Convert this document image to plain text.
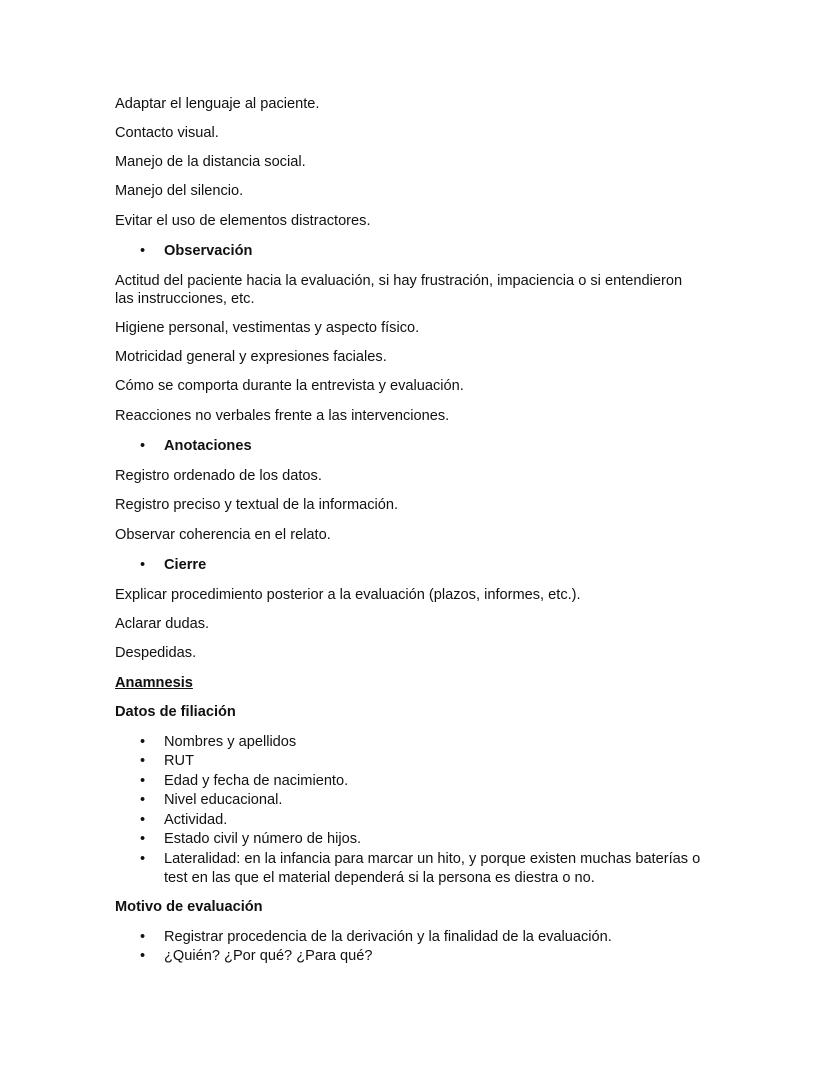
Adaptar el lenguaje al paciente.
Contacto visual.
Manejo de la distancia social.
Manejo del silencio.
Evitar el uso de elementos distractores.
• Observación
Actitud del paciente hacia la evaluación, si hay frustración, impaciencia o si entendieron
las instrucciones, etc.
Higiene personal, vestimentas y aspecto físico.
Motricidad general y expresiones faciales.
Cómo se comporta durante la entrevista y evaluación.
Reacciones no verbales frente a las intervenciones.
• Anotaciones
Registro ordenado de los datos.
Registro preciso y textual de la información.
Observar coherencia en el relato.
• Cierre
Explicar procedimiento posterior a la evaluación (plazos, informes, etc.).
Aclarar dudas.
Despedidas.
Anamnesis
Datos de filiación
• Nombres y apellidos
• RUT
• Edad y fecha de nacimiento.
• Nivel educacional.
• Actividad.
• Estado civil y número de hijos.
• Lateralidad: en la infancia para marcar un hito, y porque existen muchas baterías o
test en las que el material dependerá si la persona es diestra o no.
Motivo de evaluación
• Registrar procedencia de la derivación y la finalidad de la evaluación.
• ¿Quién? ¿Por qué? ¿Para qué?
